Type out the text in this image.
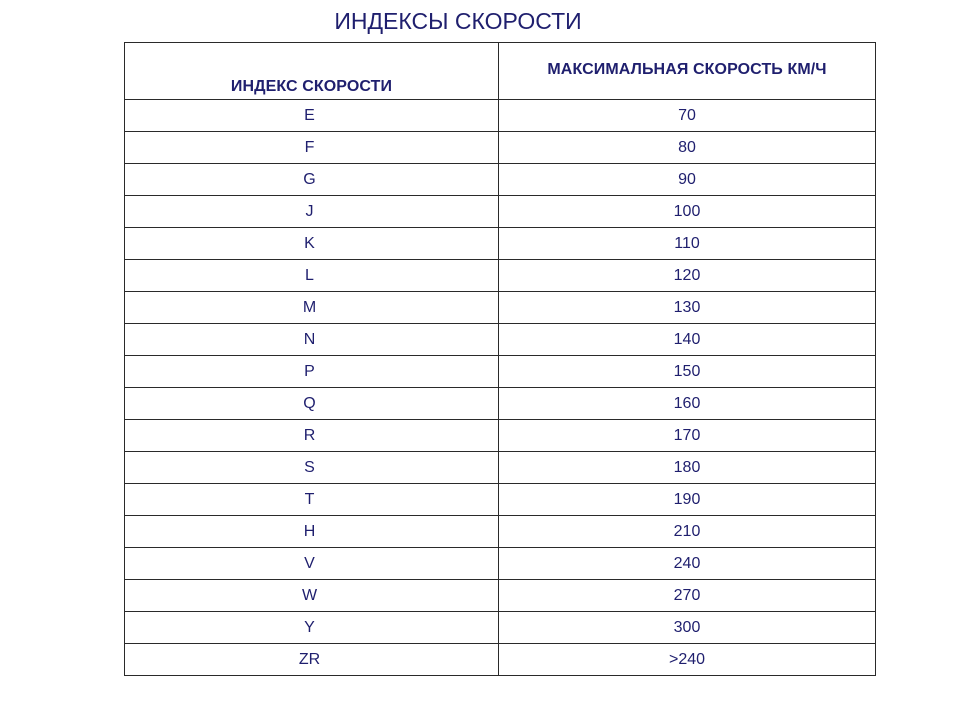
ИНДЕКСЫ СКОРОСТИ
ИНДЕКС СКОРОСТИ	МАКСИМАЛЬНАЯ СКОРОСТЬ КМ/Ч
E	70
F	80
G	90
J	100
K	110
L	120
M	130
N	140
P	150
Q	160
R	170
S	180
T	190
H	210
V	240
W	270
Y	300
ZR	>240
